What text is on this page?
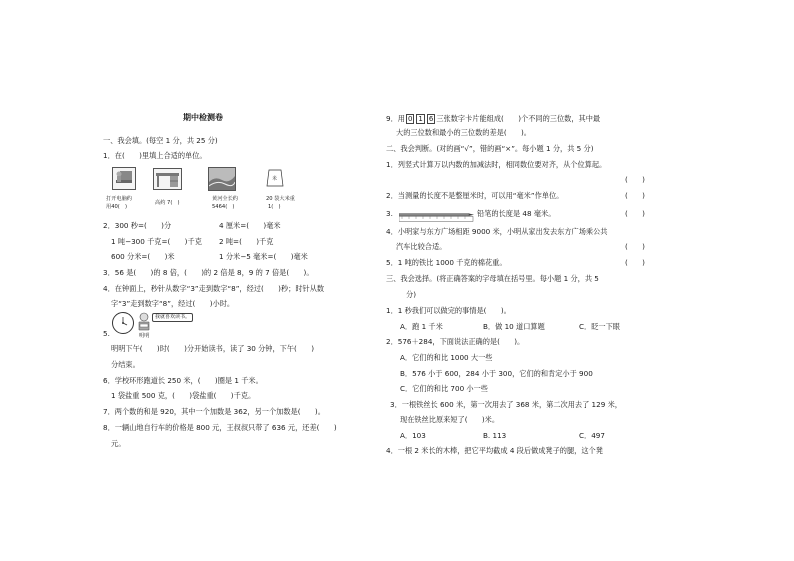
期中检测卷
一、我会填。(每空 1 分，共 25 分)
1．在(　　)里填上合适的单位。
米
打开电脑约
用40(　)
高约 7(　)
黄河全长约
5464(　)
20 袋大米重
1(　)
2．300 秒=(　　)分	4 厘米=(　　)毫米
1 吨−300 千克=(　　)千克 2 吨=(　　)千克
600 分米=(　　)米	1 分米−5 毫米=(　　)毫米
3．56 是(　　)的 8 倍，(　　)的 2 倍是 8，9 的 7 倍是(　　)。
4．在钟面上，秒针从数字“3”走到数字“8”，经过(　　)秒；时针从数
字“3”走到数字“8”，经过(　　)小时。
我就喜欢读书。
明明
5.
明明下午(　　)时(　　)分开始读书，读了 30 分钟，下午(　　)
分结束。
6．学校环形跑道长 250 米，(　　)圈是 1 千米。
1 袋盐重 500 克，(　　)袋盐重(　　)千克。
7．两个数的和是 920，其中一个加数是 362，另一个加数是(　　)。
8．一辆山地自行车的价格是 800 元，王叔叔只带了 636 元，还差(　　)
元。
9．用 0 1 6 三张数字卡片能组成(　　)个不同的三位数，其中最
大的三位数和最小的三位数的差是(　　)。
二、我会判断。(对的画“√”，错的画“×”。每小题 1 分，共 5 分)
1．列竖式计算万以内数的加减法时，相同数位要对齐，从个位算起。
(　　)
2．当测量的长度不是整厘米时，可以用“毫米”作单位。	(　　)
3.	铅笔的长度是 48 毫米。	(　　)
4．小明家与东方广场相距 9000 米，小明从家出发去东方广场乘公共
汽车比较合适。	(　　)
5．1 吨的铁比 1000 千克的棉花重。	(　　)
三、我会选择。(将正确答案的字母填在括号里。每小题 1 分，共 5
分)
1．1 秒我们可以做完的事情是(　　)。
A．跑 1 千米	B．做 10 道口算题	C．眨一下眼
2．576＋284，下面说法正确的是(　　)。
A．它们的和比 1000 大一些
B．576 小于 600，284 小于 300，它们的和肯定小于 900
C．它们的和比 700 小一些
3．一根铁丝长 600 米，第一次用去了 368 米，第二次用去了 129 米，
现在铁丝比原来短了(　　)米。
A．103	B. 113	C．497
4．一根 2 米长的木棒，把它平均截成 4 段后做成凳子的腿，这个凳
